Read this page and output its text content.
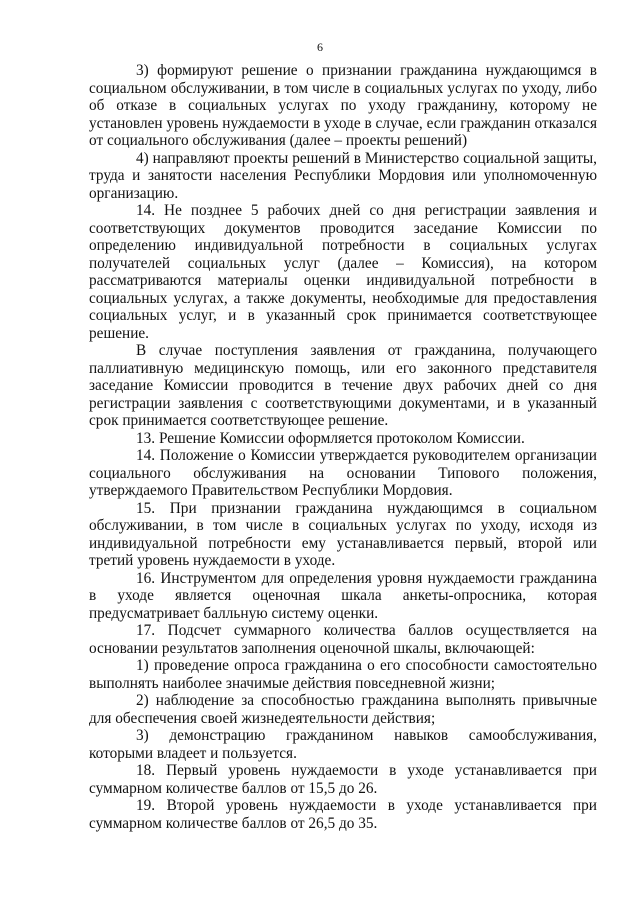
6

3) формируют решение о признании гражданина нуждающимся в социальном обслуживании, в том числе в социальных услугах по уходу, либо об отказе в социальных услугах по уходу гражданину, которому не установлен уровень нуждаемости в уходе в случае, если гражданин отказался от социального обслуживания (далее – проекты решений)

4) направляют проекты решений в Министерство социальной защиты, труда и занятости населения Республики Мордовия или уполномоченную организацию.

14. Не позднее 5 рабочих дней со дня регистрации заявления и соответствующих документов проводится заседание Комиссии по определению индивидуальной потребности в социальных услугах получателей социальных услуг (далее – Комиссия), на котором рассматриваются материалы оценки индивидуальной потребности в социальных услугах, а также документы, необходимые для предоставления социальных услуг, и в указанный срок принимается соответствующее решение.

В случае поступления заявления от гражданина, получающего паллиативную медицинскую помощь, или его законного представителя заседание Комиссии проводится в течение двух рабочих дней со дня регистрации заявления с соответствующими документами, и в указанный срок принимается соответствующее решение.

13. Решение Комиссии оформляется протоколом Комиссии.

14. Положение о Комиссии утверждается руководителем организации социального обслуживания на основании Типового положения, утверждаемого Правительством Республики Мордовия.

15. При признании гражданина нуждающимся в социальном обслуживании, в том числе в социальных услугах по уходу, исходя из индивидуальной потребности ему устанавливается первый, второй или третий уровень нуждаемости в уходе.

16. Инструментом для определения уровня нуждаемости гражданина в уходе является оценочная шкала анкеты-опросника, которая предусматривает балльную систему оценки.

17. Подсчет суммарного количества баллов осуществляется на основании результатов заполнения оценочной шкалы, включающей:

1) проведение опроса гражданина о его способности самостоятельно выполнять наиболее значимые действия повседневной жизни;

2) наблюдение за способностью гражданина выполнять привычные для обеспечения своей жизнедеятельности действия;

3) демонстрацию гражданином навыков самообслуживания, которыми владеет и пользуется.

18. Первый уровень нуждаемости в уходе устанавливается при суммарном количестве баллов от 15,5 до 26.

19. Второй уровень нуждаемости в уходе устанавливается при суммарном количестве баллов от 26,5 до 35.
